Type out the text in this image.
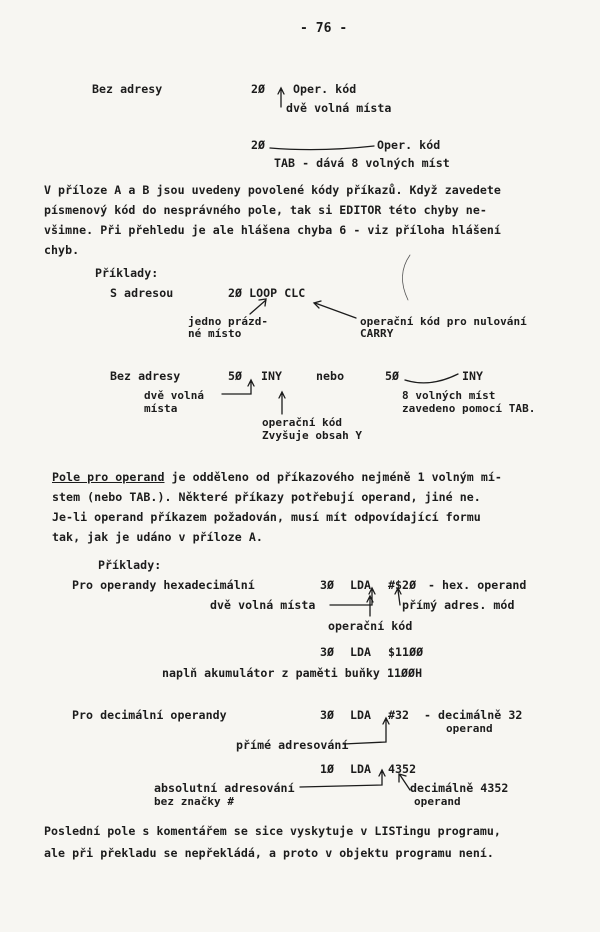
- 76 -
Bez adresy	2Ø Oper. kód
dvě volná místa
2Ø	Oper. kód
TAB - dává 8 volných míst
V příloze A a B jsou uvedeny povolené kódy příkazů. Když zavedete
písmenový kód do nesprávného pole, tak si EDITOR této chyby ne-
všimne. Při přehledu je ale hlášena chyba 6 - viz příloha hlášení
chyb.
Příklady:
S adresou	2Ø LOOP CLC
jedno prázd-
né místo
operační kód pro nulování
CARRY
Bez adresy	5Ø INY	nebo	5Ø	INY
dvě volná
místa
operační kód
Zvyšuje obsah Y
8 volných míst
zavedeno pomocí TAB.
Pole pro operand je odděleno od příkazového nejméně 1 volným mí-
stem (nebo TAB.). Některé příkazy potřebují operand, jiné ne.
Je-li operand příkazem požadován, musí mít odpovídající formu
tak, jak je udáno v příloze A.
Příklady:
Pro operandy hexadecimální	3Ø LDA #$2Ø - hex. operand
dvě volná místa	přímý adres. mód
operační kód
3Ø LDA $11ØØ
naplň akumulátor z paměti buňky 11ØØH
Pro decimální operandy	3Ø LDA #32 - decimálně 32
operand
přímé adresování
1Ø LDA 4352
absolutní adresování
bez značky #
decimálně 4352
operand
Poslední pole s komentářem se sice vyskytuje v LISTingu programu,
ale při překladu se nepřekládá, a proto v objektu programu není.
